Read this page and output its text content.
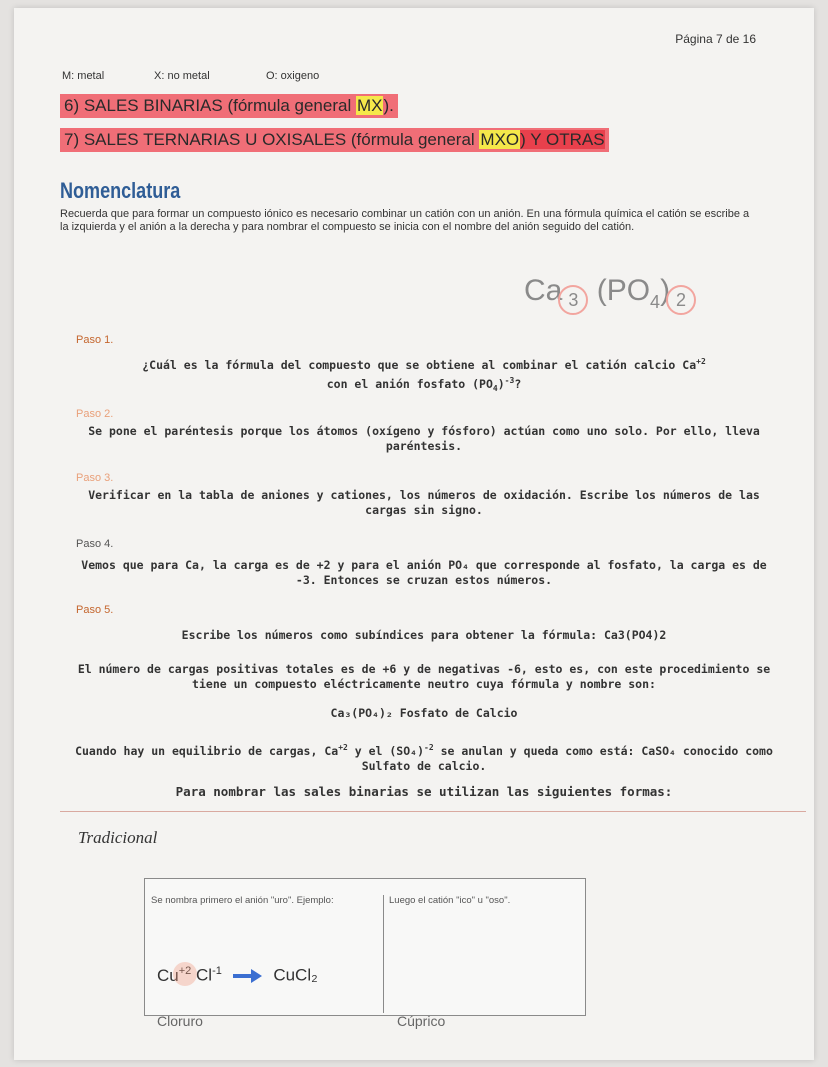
Página 7 de 16
M: metal	X: no metal	O: oxigeno
6) SALES BINARIAS (fórmula general MX).
7) SALES TERNARIAS U OXISALES (fórmula general MXO) Y OTRAS
Nomenclatura
Recuerda que para formar un compuesto iónico es necesario combinar un catión con un anión. En una fórmula química el catión se escribe a la izquierda y el anión a la derecha y para nombrar el compuesto se inicia con el nombre del anión seguido del catión.
Ca 3 $(PO_4)$ 2
Paso 1.
¿Cuál es la fórmula del compuesto que se obtiene al combinar el catión calcio $Ca^{+2}$
con el anión fosfato $(PO_4)^{-3}$?
Paso 2.
Se pone el paréntesis porque los átomos (oxígeno y fósforo) actúan como uno solo. Por ello, lleva paréntesis.
Paso 3.
Verificar en la tabla de aniones y cationes, los números de oxidación. Escribe los números de las cargas sin signo.
Paso 4.
Vemos que para Ca, la carga es de +2 y para el anión PO₄ que corresponde al fosfato, la carga es de -3. Entonces se cruzan estos números.
Paso 5.
Escribe los números como subíndices para obtener la fórmula: Ca3(PO4)2
El número de cargas positivas totales es de +6 y de negativas -6, esto es, con este procedimiento se tiene un compuesto eléctricamente neutro cuya fórmula y nombre son:
Ca₃(PO₄)₂ Fosfato de Calcio
Cuando hay un equilibrio de cargas, $Ca^{+2}$ y el $(SO_4)^{-2}$ se anulan y queda como está: CaSO₄ conocido como Sulfato de calcio.
Para nombrar las sales binarias se utilizan las siguientes formas:
Tradicional
Se nombra primero el anión "uro". Ejemplo:
$Cu^{+2}$ $Cl^{-1}$	CuCl₂
Cloruro
Luego el catión "ico" u "oso".
Cúprico
